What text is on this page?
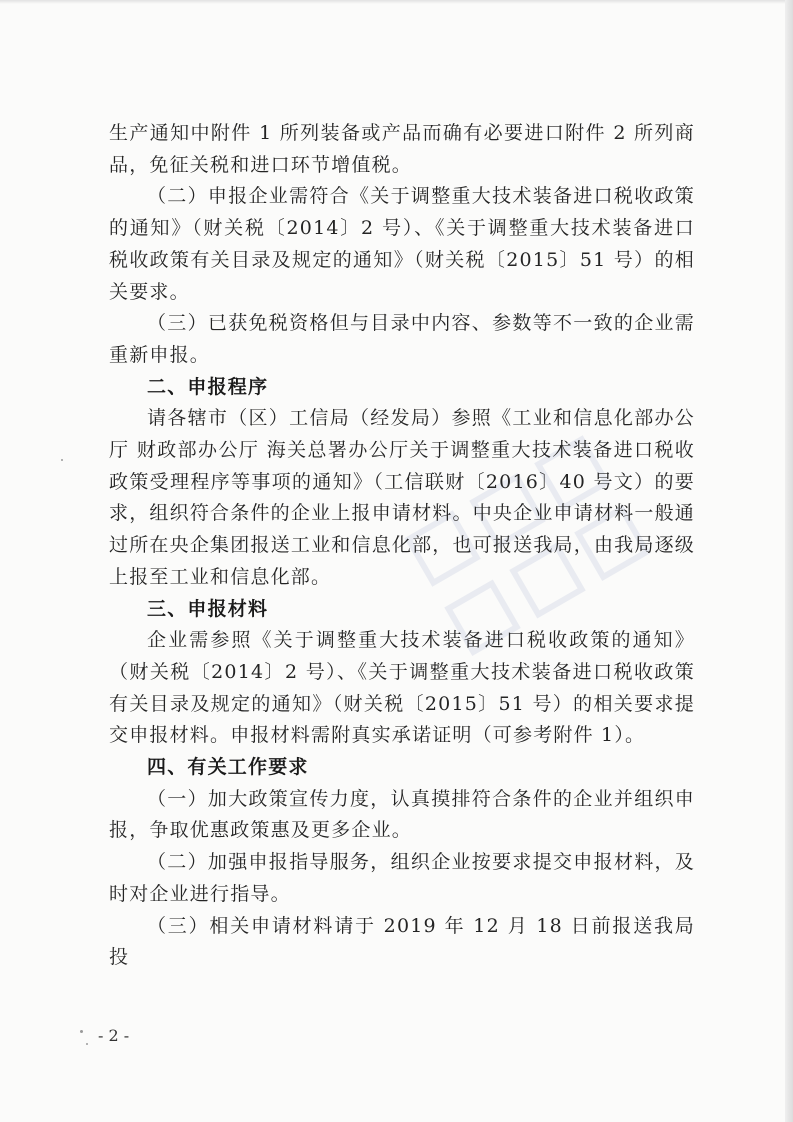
生产通知中附件 1 所列装备或产品而确有必要进口附件 2 所列商品，免征关税和进口环节增值税。

（二）申报企业需符合《关于调整重大技术装备进口税收政策的通知》（财关税〔2014〕2 号）、《关于调整重大技术装备进口税收政策有关目录及规定的通知》（财关税〔2015〕51 号）的相关要求。

（三）已获免税资格但与目录中内容、参数等不一致的企业需重新申报。

二、申报程序

请各辖市（区）工信局（经发局）参照《工业和信息化部办公厅 财政部办公厅 海关总署办公厅关于调整重大技术装备进口税收政策受理程序等事项的通知》（工信联财〔2016〕40 号文）的要求，组织符合条件的企业上报申请材料。中央企业申请材料一般通过所在央企集团报送工业和信息化部，也可报送我局，由我局逐级上报至工业和信息化部。

三、申报材料

企业需参照《关于调整重大技术装备进口税收政策的通知》（财关税〔2014〕2 号）、《关于调整重大技术装备进口税收政策有关目录及规定的通知》（财关税〔2015〕51 号）的相关要求提交申报材料。申报材料需附真实承诺证明（可参考附件 1）。

四、有关工作要求

（一）加大政策宣传力度，认真摸排符合条件的企业并组织申报，争取优惠政策惠及更多企业。

（二）加强申报指导服务，组织企业按要求提交申报材料，及时对企业进行指导。

（三）相关申请材料请于 2019 年 12 月 18 日前报送我局投

- 2 -
